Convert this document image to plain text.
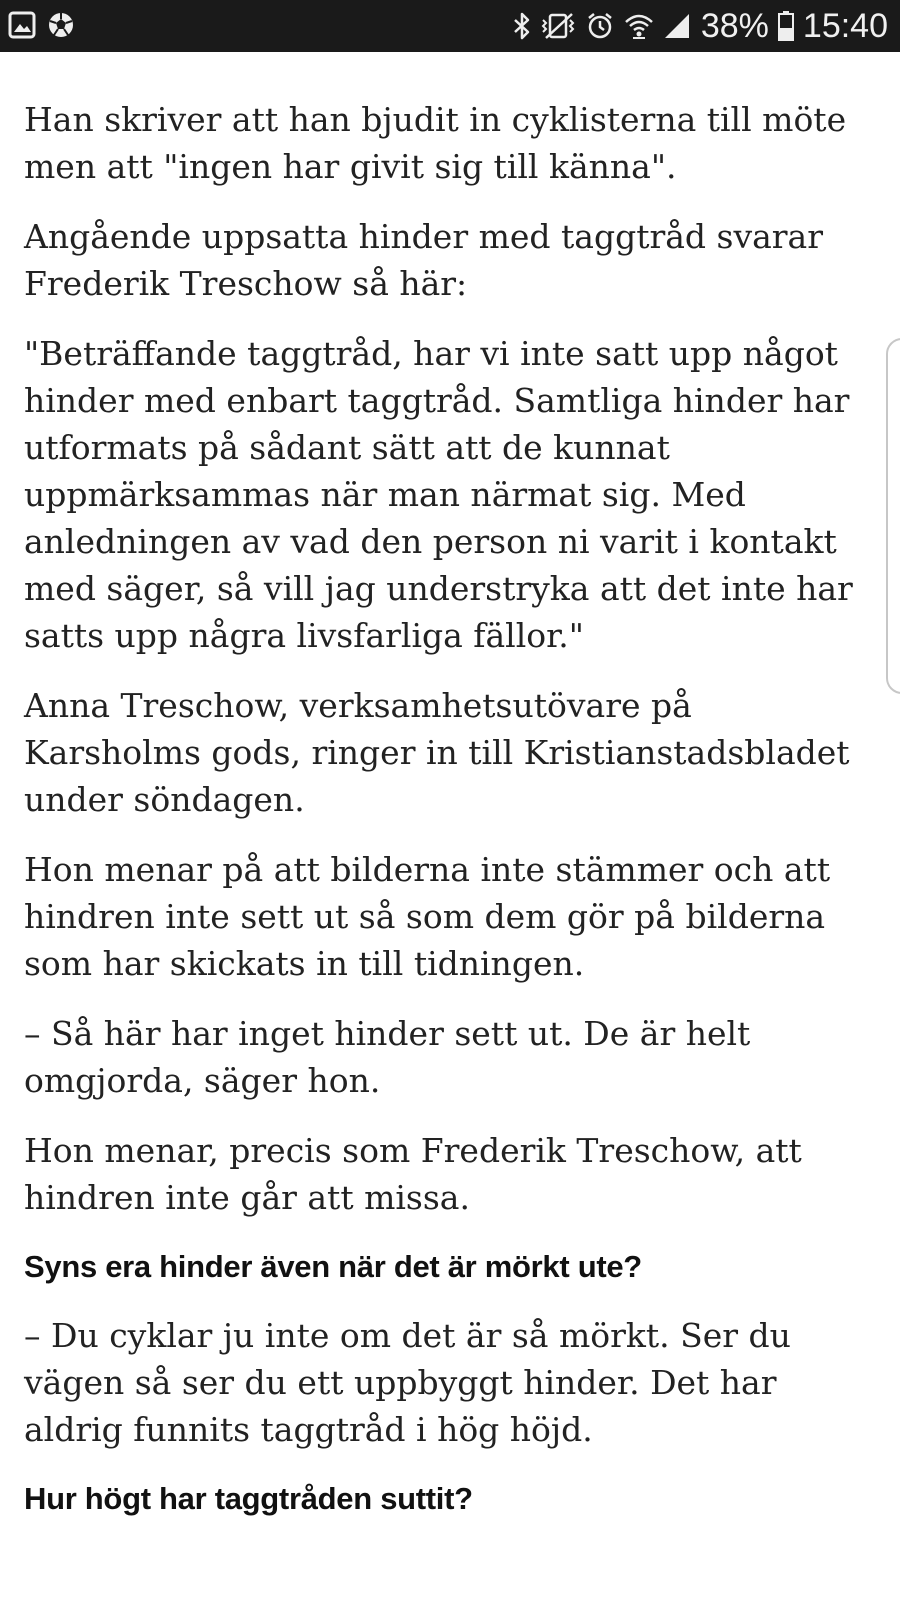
38% 15:40

Han skriver att han bjudit in cyklisterna till möte men att "ingen har givit sig till känna".

Angående uppsatta hinder med taggtråd svarar Frederik Treschow så här:

"Beträffande taggtråd, har vi inte satt upp något hinder med enbart taggtråd. Samtliga hinder har utformats på sådant sätt att de kunnat uppmärksammas när man närmat sig. Med anledningen av vad den person ni varit i kontakt med säger, så vill jag understryka att det inte har satts upp några livsfarliga fällor."

Anna Treschow, verksamhetsutövare på Karsholms gods, ringer in till Kristianstadsbladet under söndagen.

Hon menar på att bilderna inte stämmer och att hindren inte sett ut så som dem gör på bilderna som har skickats in till tidningen.

– Så här har inget hinder sett ut. De är helt omgjorda, säger hon.

Hon menar, precis som Frederik Treschow, att hindren inte går att missa.

Syns era hinder även när det är mörkt ute?

– Du cyklar ju inte om det är så mörkt. Ser du vägen så ser du ett uppbyggt hinder. Det har aldrig funnits taggtråd i hög höjd.

Hur högt har taggtråden suttit?
